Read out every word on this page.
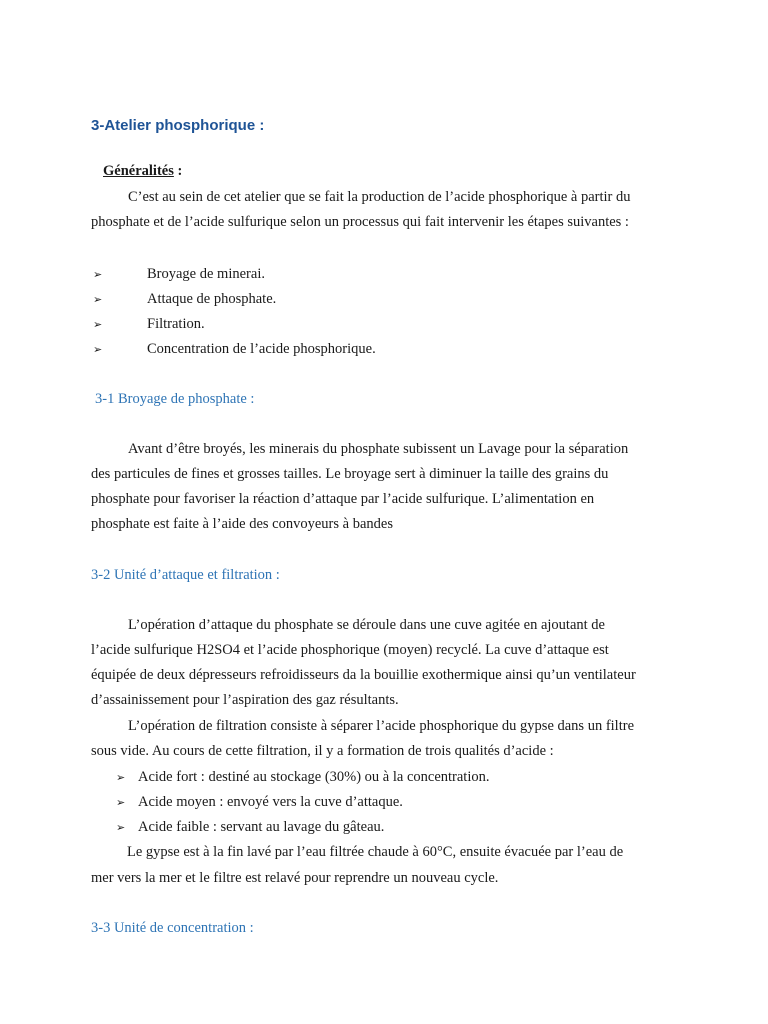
3-Atelier phosphorique :
Généralités :

C’est au sein de cet atelier que se fait la production de l’acide phosphorique à partir du

phosphate et de l’acide sulfurique selon un processus qui fait intervenir les étapes suivantes :

➢	Broyage de minerai.
➢	Attaque de phosphate.
➢	Filtration.
➢	Concentration de l’acide phosphorique.

3-1 Broyage de phosphate :

Avant d’être broyés, les minerais du phosphate subissent un Lavage pour la séparation

des particules de fines et grosses tailles. Le broyage sert à diminuer la taille des grains du

phosphate pour favoriser la réaction d’attaque par l’acide sulfurique. L’alimentation en

phosphate est faite à l’aide des convoyeurs à bandes

3-2 Unité d’attaque et filtration :

L’opération d’attaque du phosphate se déroule dans une cuve agitée en ajoutant de

l’acide sulfurique H2SO4 et l’acide phosphorique (moyen) recyclé. La cuve d’attaque est

équipée de deux dépresseurs refroidisseurs da la bouillie exothermique ainsi qu’un ventilateur

d’assainissement pour l’aspiration des gaz résultants.

L’opération de filtration consiste à séparer l’acide phosphorique du gypse dans un filtre

sous vide. Au cours de cette filtration, il y a formation de trois qualités d’acide :

➢ Acide fort : destiné au stockage (30%) ou à la concentration.
➢ Acide moyen : envoyé vers la cuve d’attaque.
➢ Acide faible : servant au lavage du gâteau.

Le gypse est à la fin lavé par l’eau filtrée chaude à 60°C, ensuite évacuée par l’eau de

mer vers la mer et le filtre est relavé pour reprendre un nouveau cycle.

3-3 Unité de concentration :
